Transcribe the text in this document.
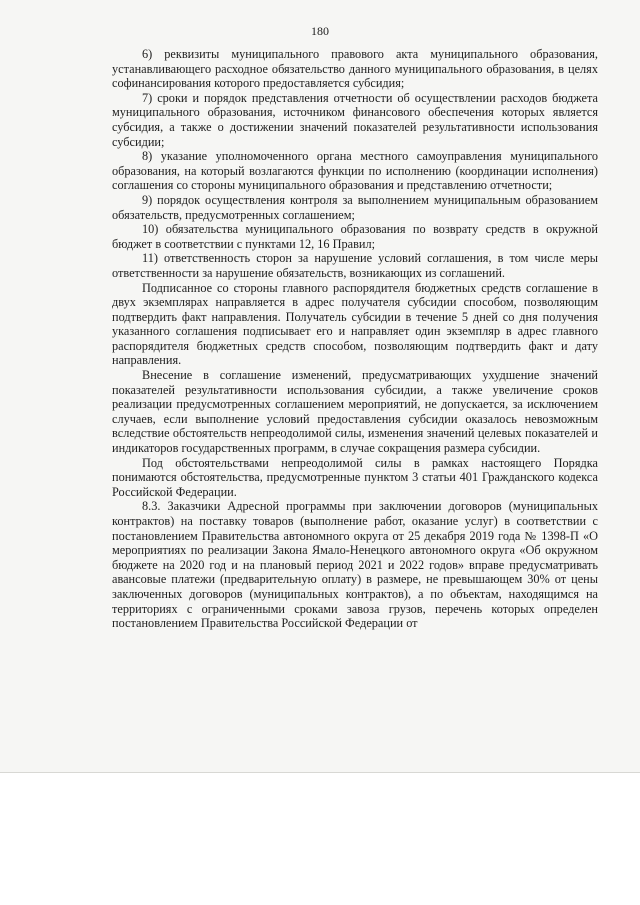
180

6) реквизиты муниципального правового акта муниципального образования, устанавливающего расходное обязательство данного муниципального образования, в целях софинансирования которого предоставляется субсидия;

7) сроки и порядок представления отчетности об осуществлении расходов бюджета муниципального образования, источником финансового обеспечения которых является субсидия, а также о достижении значений показателей результативности использования субсидии;

8) указание уполномоченного органа местного самоуправления муниципального образования, на который возлагаются функции по исполнению (координации исполнения) соглашения со стороны муниципального образования и представлению отчетности;

9) порядок осуществления контроля за выполнением муниципальным образованием обязательств, предусмотренных соглашением;

10) обязательства муниципального образования по возврату средств в окружной бюджет в соответствии с пунктами 12, 16 Правил;

11) ответственность сторон за нарушение условий соглашения, в том числе меры ответственности за нарушение обязательств, возникающих из соглашений.

Подписанное со стороны главного распорядителя бюджетных средств соглашение в двух экземплярах направляется в адрес получателя субсидии способом, позволяющим подтвердить факт направления. Получатель субсидии в течение 5 дней со дня получения указанного соглашения подписывает его и направляет один экземпляр в адрес главного распорядителя бюджетных средств способом, позволяющим подтвердить факт и дату направления.

Внесение в соглашение изменений, предусматривающих ухудшение значений показателей результативности использования субсидии, а также увеличение сроков реализации предусмотренных соглашением мероприятий, не допускается, за исключением случаев, если выполнение условий предоставления субсидии оказалось невозможным вследствие обстоятельств непреодолимой силы, изменения значений целевых показателей и индикаторов государственных программ, в случае сокращения размера субсидии.

Под обстоятельствами непреодолимой силы в рамках настоящего Порядка понимаются обстоятельства, предусмотренные пунктом 3 статьи 401 Гражданского кодекса Российской Федерации.

8.3. Заказчики Адресной программы при заключении договоров (муниципальных контрактов) на поставку товаров (выполнение работ, оказание услуг) в соответствии с постановлением Правительства автономного округа от 25 декабря 2019 года № 1398-П «О мероприятиях по реализации Закона Ямало-Ненецкого автономного округа «Об окружном бюджете на 2020 год и на плановый период 2021 и 2022 годов» вправе предусматривать авансовые платежи (предварительную оплату) в размере, не превышающем 30% от цены заключенных договоров (муниципальных контрактов), а по объектам, находящимся на территориях с ограниченными сроками завоза грузов, перечень которых определен постановлением Правительства Российской Федерации от
